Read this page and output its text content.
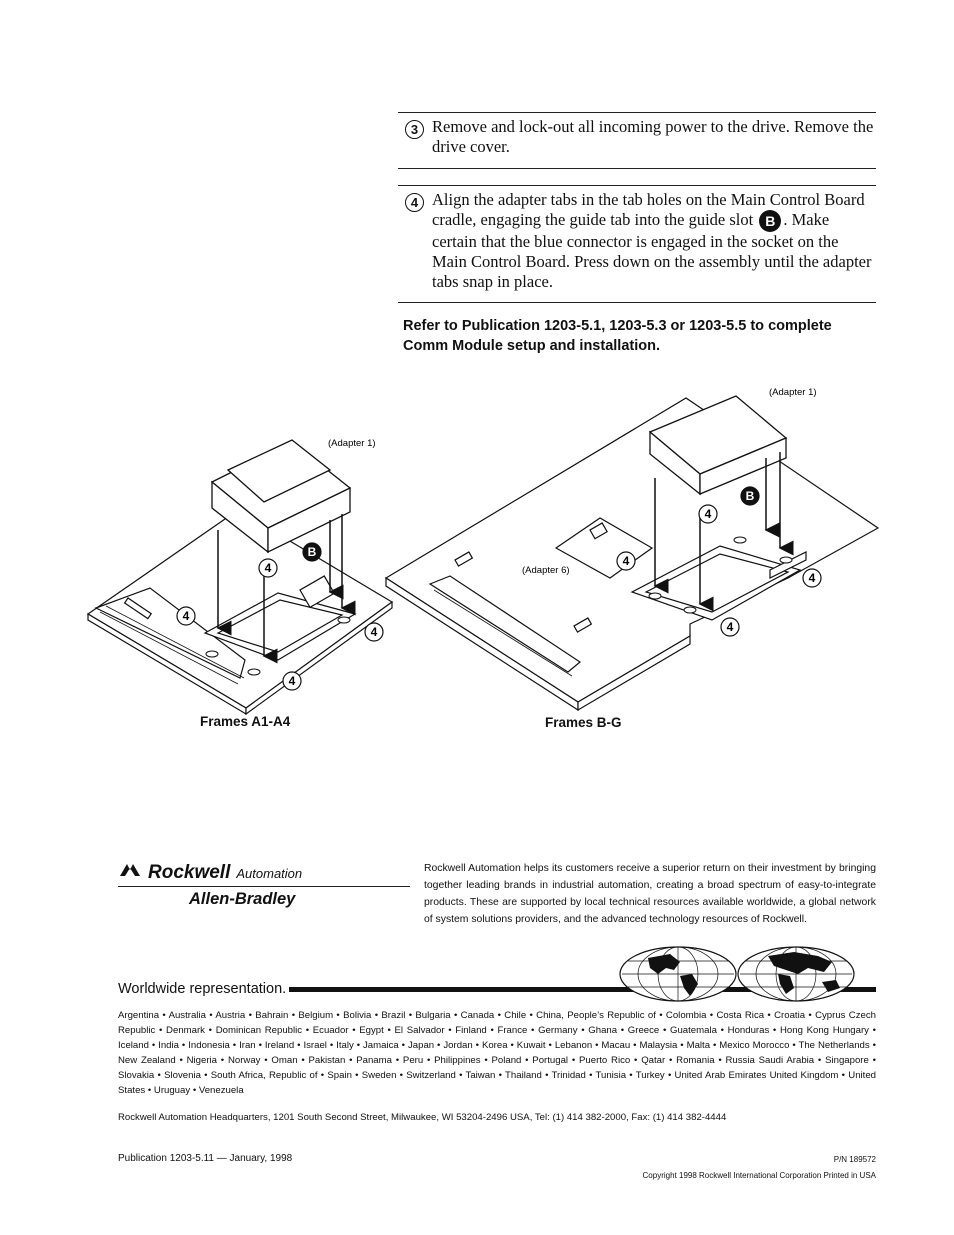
3 Remove and lock-out all incoming power to the drive. Remove the drive cover.
4 Align the adapter tabs in the tab holes on the Main Control Board cradle, engaging the guide tab into the guide slot B . Make certain that the blue connector is engaged in the socket on the Main Control Board. Press down on the assembly until the adapter tabs snap in place.
Refer to Publication 1203-5.1, 1203-5.3 or 1203-5.5 to complete Comm Module setup and installation.
4
4
4
4
B
(Adapter 1)
4
4
4
4
B
(Adapter 1)
(Adapter 6)
Frames A1-A4	Frames B-G
Rockwell Automation
Allen-Bradley
Rockwell Automation helps its customers receive a superior return on their investment by bringing together leading brands in industrial automation, creating a broad spectrum of easy-to-integrate products. These are supported by local technical resources available worldwide, a global network of system solutions providers, and the advanced technology resources of Rockwell.
Worldwide representation.
Argentina • Australia • Austria • Bahrain • Belgium • Bolivia • Brazil • Bulgaria • Canada • Chile • China, People’s Republic of • Colombia • Costa Rica • Croatia • Cyprus Czech Republic • Denmark • Dominican Republic • Ecuador • Egypt • El Salvador • Finland • France • Germany • Ghana • Greece • Guatemala • Honduras • Hong Kong Hungary • Iceland • India • Indonesia • Iran • Ireland • Israel • Italy • Jamaica • Japan • Jordan • Korea • Kuwait • Lebanon • Macau • Malaysia • Malta • Mexico Morocco • The Netherlands • New Zealand • Nigeria • Norway • Oman • Pakistan • Panama • Peru • Philippines • Poland • Portugal • Puerto Rico • Qatar • Romania • Russia Saudi Arabia • Singapore • Slovakia • Slovenia • South Africa, Republic of • Spain • Sweden • Switzerland • Taiwan • Thailand • Trinidad • Tunisia • Turkey • United Arab Emirates United Kingdom • United States • Uruguay • Venezuela
Rockwell Automation Headquarters, 1201 South Second Street, Milwaukee, WI 53204-2496 USA, Tel: (1) 414 382-2000, Fax: (1) 414 382-4444
Publication 1203-5.11 — January, 1998	P/N 189572
Copyright 1998 Rockwell International Corporation Printed in USA
